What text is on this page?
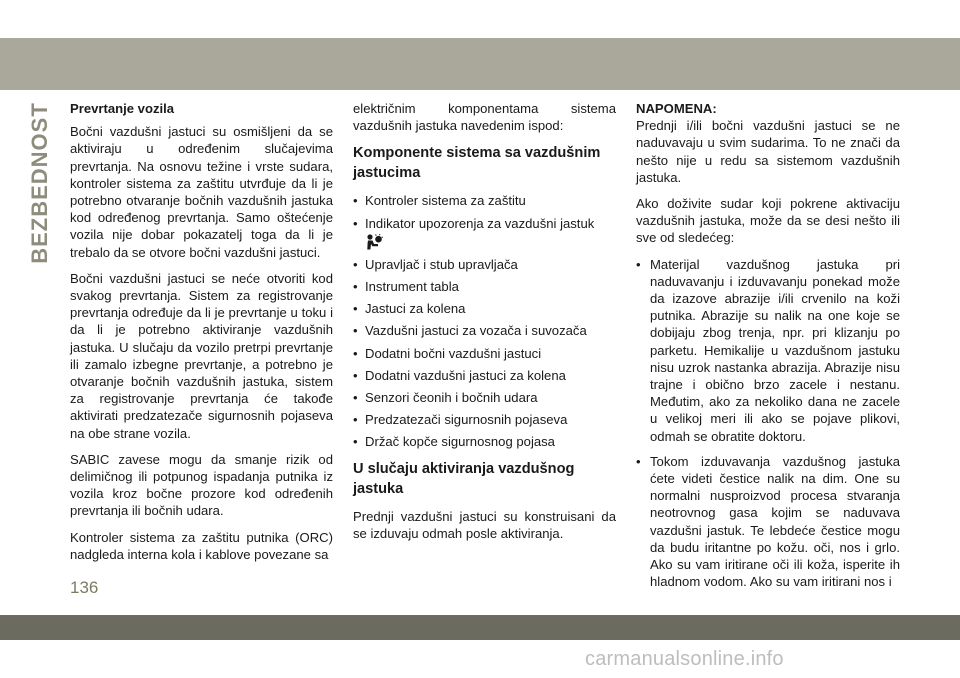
BEZBEDNOST Prevrtanje vozila

Bočni vazdušni jastuci su osmišljeni da se aktiviraju u određenim slučajevima prevrtanja. Na osnovu težine i vrste sudara, kontroler sistema za zaštitu utvrđuje da li je potrebno otvaranje bočnih vazdušnih jastuka kod određenog prevrtanja. Samo oštećenje vozila nije dobar pokazatelj toga da li je trebalo da se otvore bočni vazdušni jastuci.

Bočni vazdušni jastuci se neće otvoriti kod svakog prevrtanja. Sistem za registrovanje prevrtanja određuje da li je prevrtanje u toku i da li je potrebno aktiviranje vazdušnih jastuka. U slučaju da vozilo pretrpi prevrtanje ili zamalo izbegne prevrtanje, a potrebno je otvaranje bočnih vazdušnih jastuka, sistem za registrovanje prevrtanja će takođe aktivirati predzatezače sigurnosnih pojaseva na obe strane vozila.

SABIC zavese mogu da smanje rizik od delimičnog ili potpunog ispadanja putnika iz vozila kroz bočne prozore kod određenih prevrtanja ili bočnih udara.

Kontroler sistema za zaštitu putnika (ORC) nadgleda interna kola i kablove povezane sa

električnim komponentama sistema vazdušnih jastuka navedenim ispod:

Komponente sistema sa vazdušnim jastucima
• Kontroler sistema za zaštitu
• Indikator upozorenja za vazdušni jastuk
• Upravljač i stub upravljača
• Instrument tabla
• Jastuci za kolena
• Vazdušni jastuci za vozača i suvozača
• Dodatni bočni vazdušni jastuci
• Dodatni vazdušni jastuci za kolena
• Senzori čeonih i bočnih udara
• Predzatezači sigurnosnih pojaseva
• Držač kopče sigurnosnog pojasa
U slučaju aktiviranja vazdušnog jastuka

Prednji vazdušni jastuci su konstruisani da se izduvaju odmah posle aktiviranja.

NAPOMENA:

Prednji i/ili bočni vazdušni jastuci se ne naduvavaju u svim sudarima. To ne znači da nešto nije u redu sa sistemom vazdušnih jastuka.

Ako doživite sudar koji pokrene aktivaciju vazdušnih jastuka, može da se desi nešto ili sve od sledećeg:

• Materijal vazdušnog jastuka pri naduvavanju i izduvavanju ponekad može da izazove abrazije i/ili crvenilo na koži putnika. Abrazije su nalik na one koje se dobijaju zbog trenja, npr. pri klizanju po parketu. Hemikalije u vazdušnom jastuku nisu uzrok nastanka abrazija. Abrazije nisu trajne i obično brzo zacele i nestanu. Međutim, ako za nekoliko dana ne zacele u velikoj meri ili ako se pojave plikovi, odmah se obratite doktoru.
• Tokom izduvavanja vazdušnog jastuka ćete videti čestice nalik na dim. One su normalni nusproizvod procesa stvaranja neotrovnog gasa kojim se naduvava vazdušni jastuk. Te lebdeće čestice mogu da budu iritantne po kožu. oči, nos i grlo. Ako su vam iritirane oči ili koža, isperite ih hladnom vodom. Ako su vam iritirani nos i
136
carmanualsonline.info
